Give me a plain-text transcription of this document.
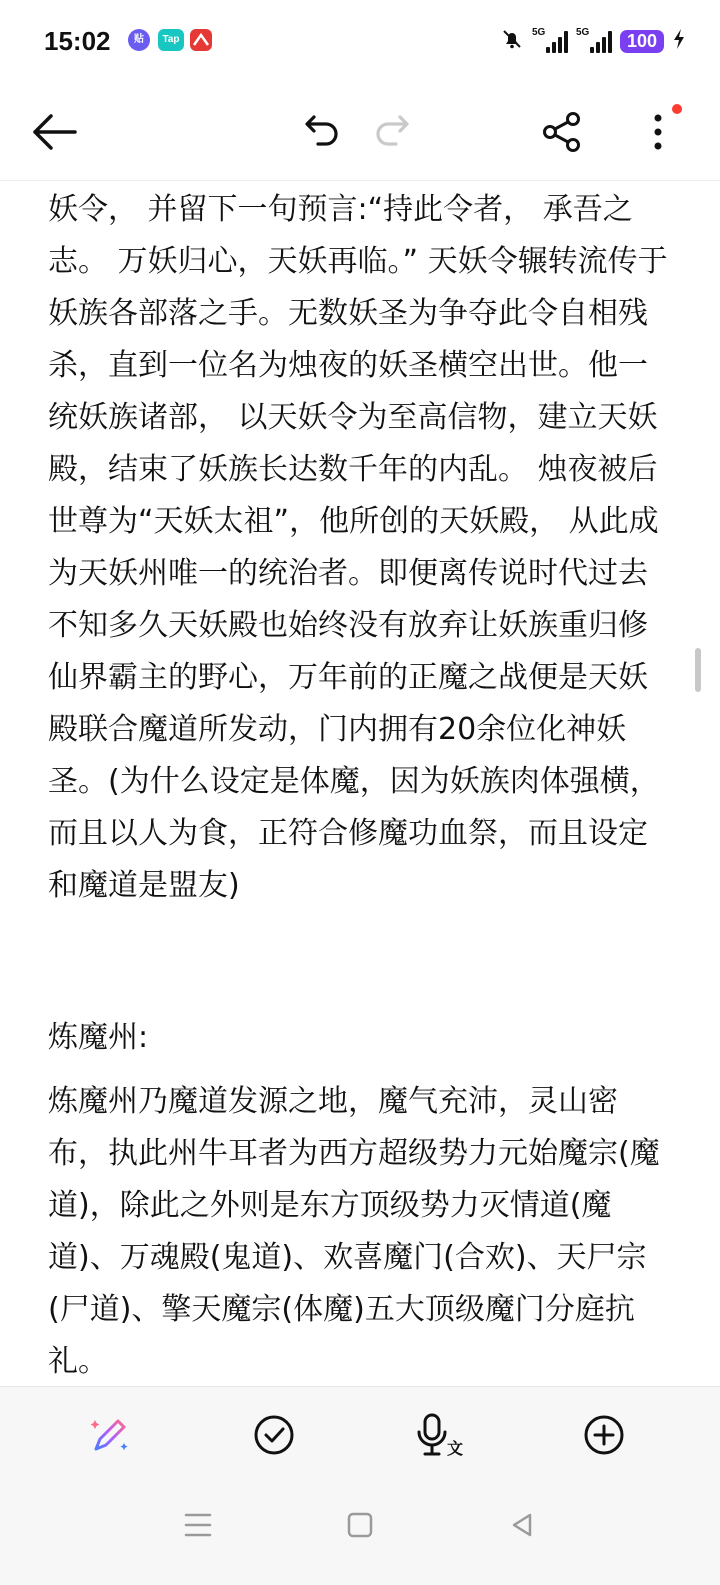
15:02	贴	Tap
5G	5G	100

妖令， 并留下一句预言:“持此令者， 承吾之志。 万妖归心，天妖再临。” 天妖令辗转流传于妖族各部落之手。无数妖圣为争夺此令自相残杀，直到一位名为烛夜的妖圣横空出世。他一统妖族诸部， 以天妖令为至高信物，建立天妖殿，结束了妖族长达数千年的内乱。 烛夜被后世尊为“天妖太祖”，他所创的天妖殿， 从此成为天妖州唯一的统治者。即便离传说时代过去不知多久天妖殿也始终没有放弃让妖族重归修仙界霸主的野心，万年前的正魔之战便是天妖殿联合魔道所发动，门内拥有20余位化神妖圣。(为什么设定是体魔，因为妖族肉体强横，而且以人为食，正符合修魔功血祭，而且设定和魔道是盟友)

炼魔州:

炼魔州乃魔道发源之地，魔气充沛，灵山密布，执此州牛耳者为西方超级势力元始魔宗(魔道)，除此之外则是东方顶级势力灭情道(魔道)、万魂殿(鬼道)、欢喜魔门(合欢)、天尸宗(尸道)、擎天魔宗(体魔)五大顶级魔门分庭抗礼。

文
